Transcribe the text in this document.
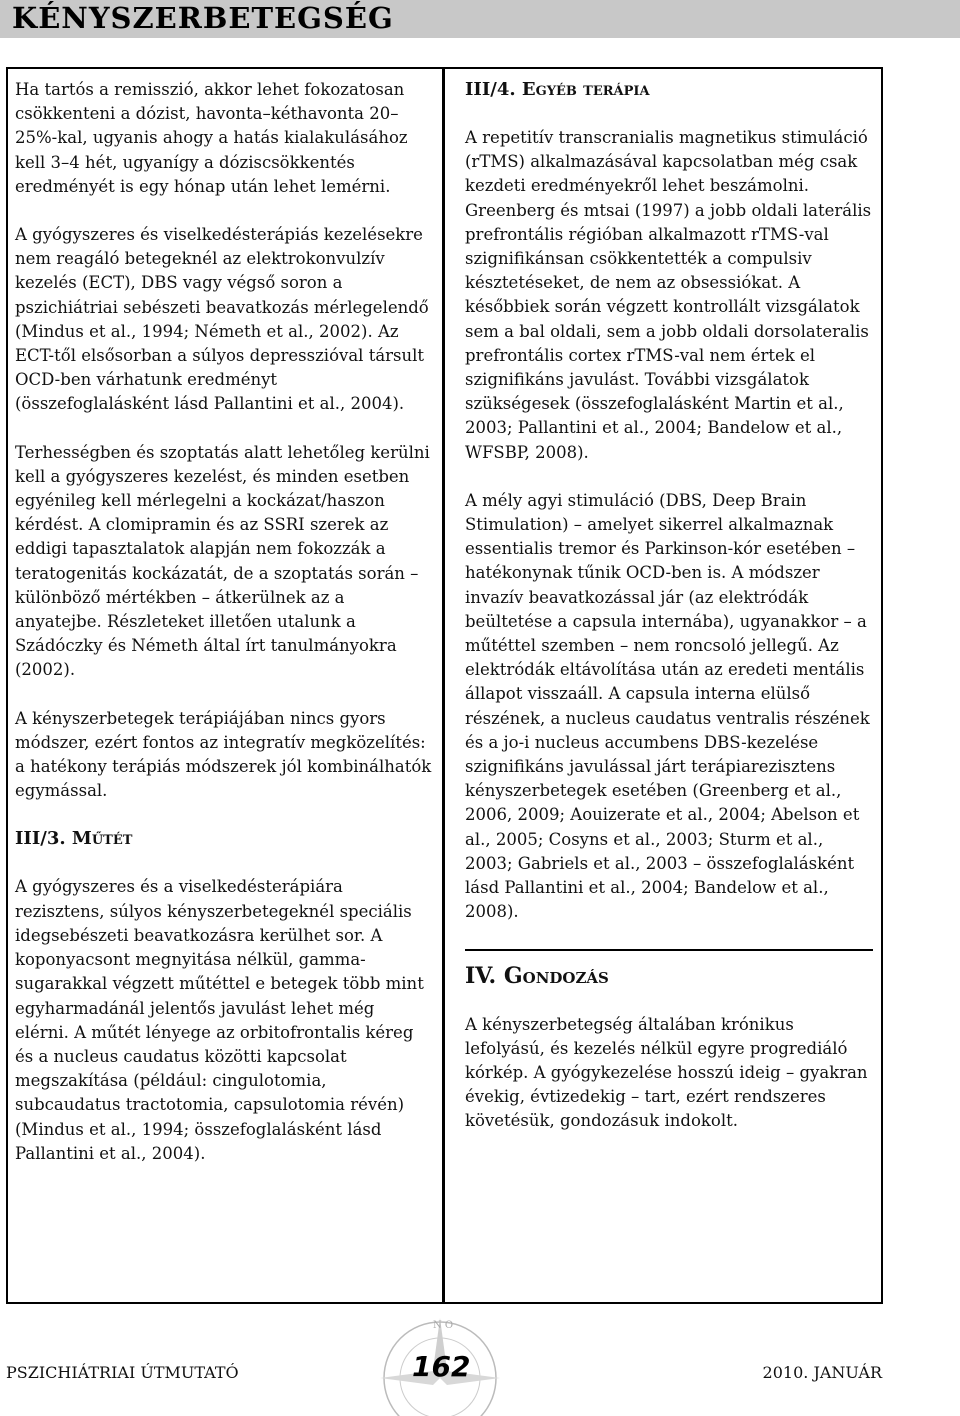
KÉNYSZERBETEGSÉG

Ha tartós a remisszió, akkor lehet fokozatosan csökkenteni a dózist, havonta–kéthavonta 20–25%-kal, ugyanis ahogy a hatás kialakulásához kell 3–4 hét, ugyanígy a dóziscsökkentés eredményét is egy hónap után lehet lemérni.

A gyógyszeres és viselkedésterápiás kezelésekre nem reagáló betegeknél az elektrokonvulzív kezelés (ECT), DBS vagy végső soron a pszichiátriai sebészeti beavatkozás mérlegelendő (Mindus et al., 1994; Németh et al., 2002). Az ECT-től elsősorban a súlyos depresszióval társult OCD-ben várhatunk eredményt (összefoglalásként lásd Pallantini et al., 2004).

Terhességben és szoptatás alatt lehetőleg kerülni kell a gyógyszeres kezelést, és minden esetben egyénileg kell mérlegelni a kockázat/haszon kérdést. A clomipramin és az SSRI szerek az eddigi tapasztalatok alapján nem fokozzák a teratogenitás kockázatát, de a szoptatás során – különböző mértékben – átkerülnek az a anyatejbe. Részleteket illetően utalunk a Szádóczky és Németh által írt tanulmányokra (2002).

A kényszerbetegek terápiájában nincs gyors módszer, ezért fontos az integratív megközelítés: a hatékony terápiás módszerek jól kombinálhatók egymással.

III/3. Műtét

A gyógyszeres és a viselkedésterápiára rezisztens, súlyos kényszerbetegeknél speciális idegsebészeti beavatkozásra kerülhet sor. A koponyacsont megnyitása nélkül, gamma-sugarakkal végzett műtéttel e betegek több mint egyharmadánál jelentős javulást lehet még elérni. A műtét lényege az orbitofrontalis kéreg és a nucleus caudatus közötti kapcsolat megszakítása (például: cingulotomia, subcaudatus tractotomia, capsulotomia révén) (Mindus et al., 1994; összefoglalásként lásd Pallantini et al., 2004).

III/4. Egyéb terápia

A repetitív transcranialis magnetikus stimuláció (rTMS) alkalmazásával kapcsolatban még csak kezdeti eredményekről lehet beszámolni. Greenberg és mtsai (1997) a jobb oldali laterális prefrontális régióban alkalmazott rTMS-val szignifikánsan csökkentették a compulsiv késztetéseket, de nem az obsessiókat. A későbbiek során végzett kontrollált vizsgálatok sem a bal oldali, sem a jobb oldali dorsolateralis prefrontális cortex rTMS-val nem értek el szignifikáns javulást. További vizsgálatok szükségesek (összefoglalásként Martin et al., 2003; Pallantini et al., 2004; Bandelow et al., WFSBP, 2008).

A mély agyi stimuláció (DBS, Deep Brain Stimulation) – amelyet sikerrel alkalmaznak essentialis tremor és Parkinson-kór esetében – hatékonynak tűnik OCD-ben is. A módszer invazív beavatkozással jár (az elektródák beültetése a capsula internába), ugyanakkor – a műtéttel szemben – nem roncsoló jellegű. Az elektródák eltávolítása után az eredeti mentális állapot visszaáll. A capsula interna elülső részének, a nucleus caudatus ventralis részének és a jo-i nucleus accumbens DBS-kezelése szignifikáns javulással járt terápiarezisztens kényszerbetegek esetében (Greenberg et al., 2006, 2009; Aouizerate et al., 2004; Abelson et al., 2005; Cosyns et al., 2003; Sturm et al., 2003; Gabriels et al., 2003 – összefoglalásként lásd Pallantini et al., 2004; Bandelow et al., 2008).

IV. Gondozás

A kényszerbetegség általában krónikus lefolyású, és kezelés nélkül egyre progrediáló kórkép. A gyógykezelése hosszú ideig – gyakran évekig, évtizedekig – tart, ezért rendszeres követésük, gondozásuk indokolt.

PSZICHIÁTRIAI ÚTMUTATÓ
N O
162	2010. JANUÁR
